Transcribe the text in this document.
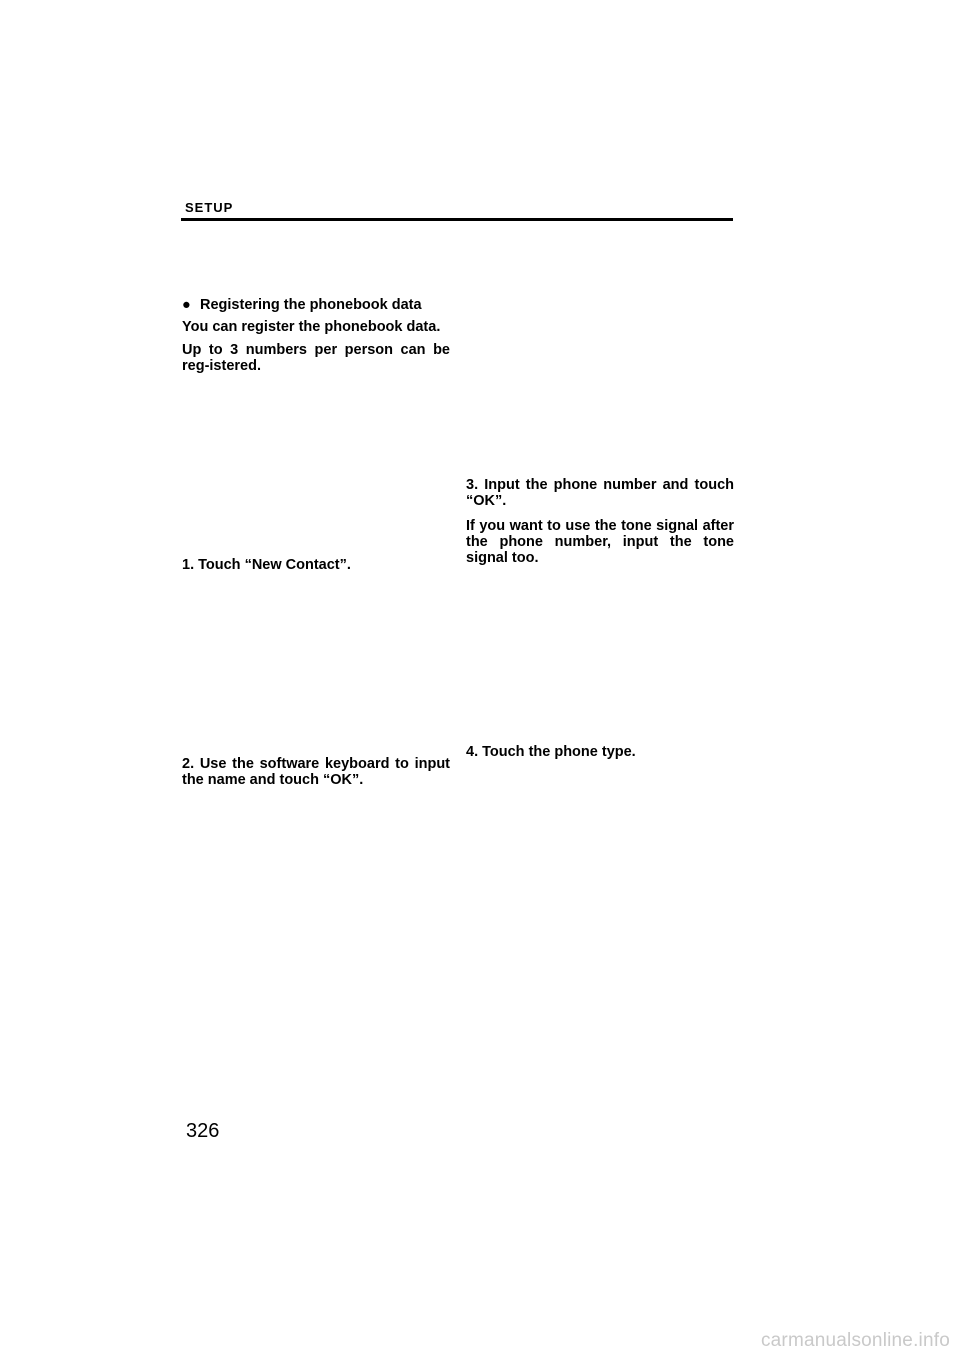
SETUP
● Registering the phonebook data

You can register the phonebook data.

Up to 3 numbers per person can be reg-istered.

1. Touch “New Contact”.

2. Use the software keyboard to input the name and touch “OK”.

3. Input the phone number and touch “OK”.

If you want to use the tone signal after the phone number, input the tone signal too.

4. Touch the phone type.

326
carmanualsonline.info
